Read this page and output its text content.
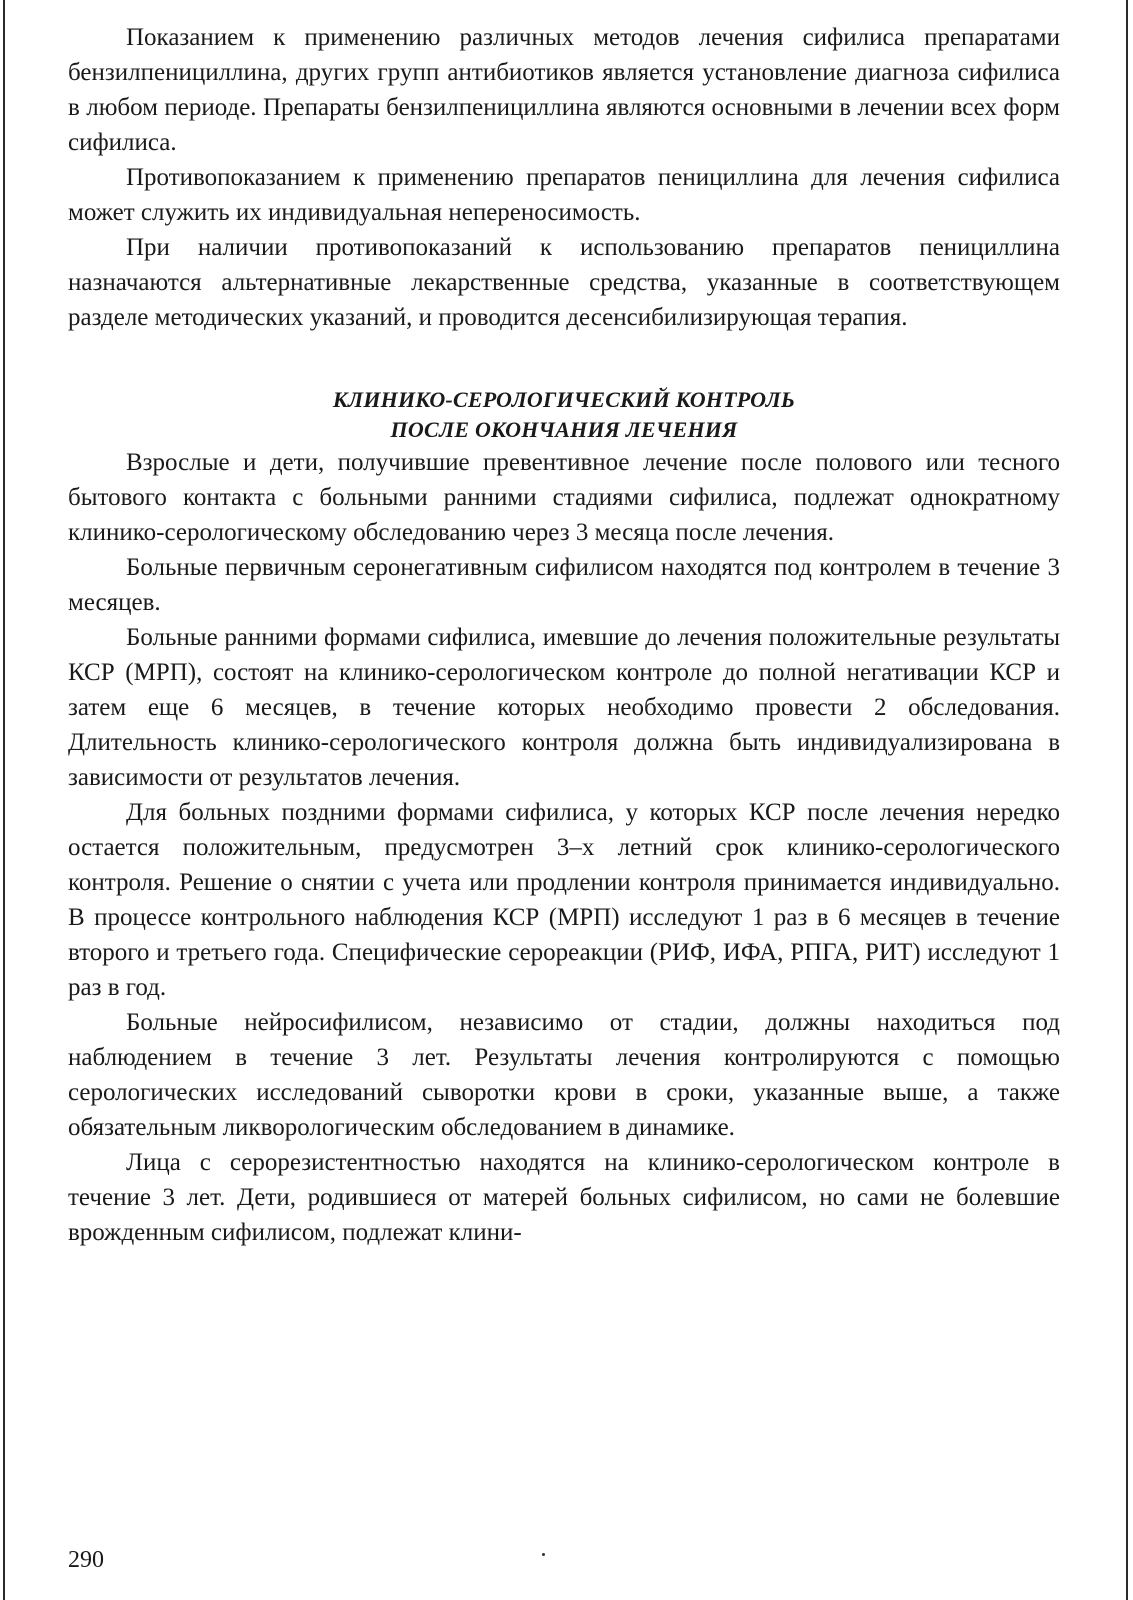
Показанием к применению различных методов лечения сифилиса препаратами бензилпенициллина, других групп антибиотиков является установление диагноза сифилиса в любом периоде. Препараты бензилпенициллина являются основными в лечении всех форм сифилиса.

Противопоказанием к применению препаратов пенициллина для лечения сифилиса может служить их индивидуальная непереносимость.

При наличии противопоказаний к использованию препаратов пенициллина назначаются альтернативные лекарственные средства, указанные в соответствующем разделе методических указаний, и проводится десенсибилизирующая терапия.

КЛИНИКО-СЕРОЛОГИЧЕСКИЙ КОНТРОЛЬ
ПОСЛЕ ОКОНЧАНИЯ ЛЕЧЕНИЯ

Взрослые и дети, получившие превентивное лечение после полового или тесного бытового контакта с больными ранними стадиями сифилиса, подлежат однократному клинико-серологическому обследованию через 3 месяца после лечения.

Больные первичным серонегативным сифилисом находятся под контролем в течение 3 месяцев.

Больные ранними формами сифилиса, имевшие до лечения положительные результаты КСР (МРП), состоят на клинико-серологическом контроле до полной негативации КСР и затем еще 6 месяцев, в течение которых необходимо провести 2 обследования. Длительность клинико-серологического контроля должна быть индивидуализирована в зависимости от результатов лечения.

Для больных поздними формами сифилиса, у которых КСР после лечения нередко остается положительным, предусмотрен 3–х летний срок клинико-серологического контроля. Решение о снятии с учета или продлении контроля принимается индивидуально. В процессе контрольного наблюдения КСР (МРП) исследуют 1 раз в 6 месяцев в течение второго и третьего года. Специфические серореакции (РИФ, ИФА, РПГА, РИТ) исследуют 1 раз в год.

Больные нейросифилисом, независимо от стадии, должны находиться под наблюдением в течение 3 лет. Результаты лечения контролируются с помощью серологических исследований сыворотки крови в сроки, указанные выше, а также обязательным ликворологическим обследованием в динамике.

Лица с серорезистентностью находятся на клинико-серологическом контроле в течение 3 лет. Дети, родившиеся от матерей больных сифилисом, но сами не болевшие врожденным сифилисом, подлежат клини-

290
